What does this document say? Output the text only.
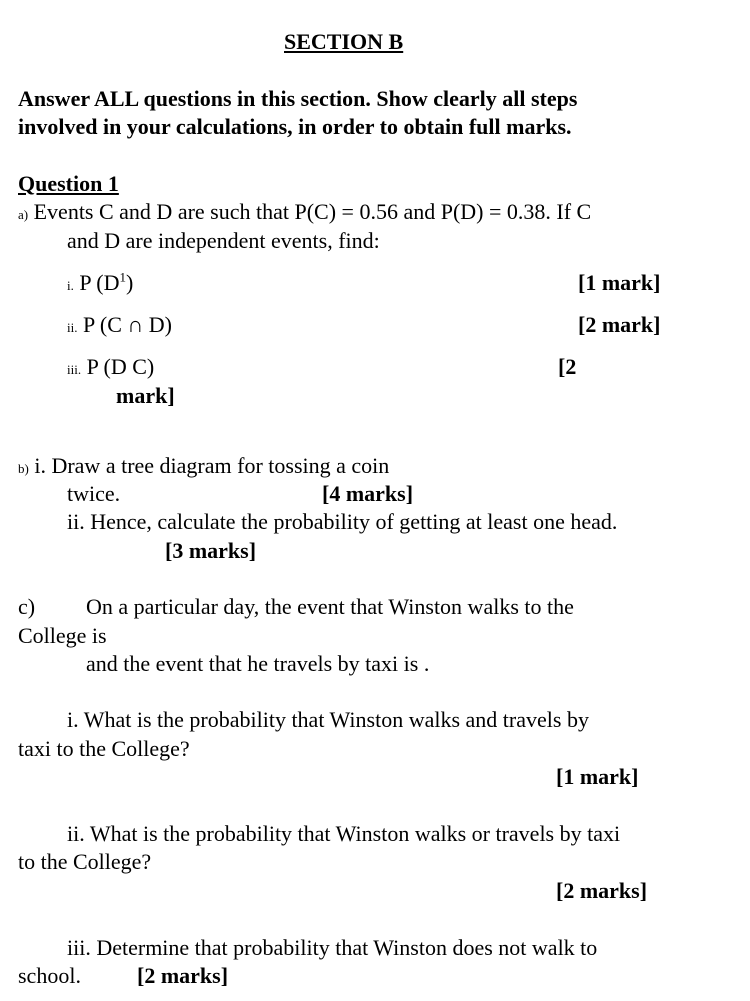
SECTION B
Answer ALL questions in this section. Show clearly all steps
involved in your calculations, in order to obtain full marks.
Question 1
a) Events C and D are such that P(C) = 0.56 and P(D) = 0.38. If C
and D are independent events, find:
i. P $(D^1)$	[1 mark]
ii. P (C ∩ D)	[2 mark]
iii. P (D C)	[2
mark]
b) i. Draw a tree diagram for tossing a coin
twice.	[4 marks]
ii. Hence, calculate the probability of getting at least one head.
[3 marks]
c) On a particular day, the event that Winston walks to the
College is
and the event that he travels by taxi is .
i. What is the probability that Winston walks and travels by
taxi to the College?
[1 mark]
ii. What is the probability that Winston walks or travels by taxi
to the College?
[2 marks]
iii. Determine that probability that Winston does not walk to
school.	[2 marks]
